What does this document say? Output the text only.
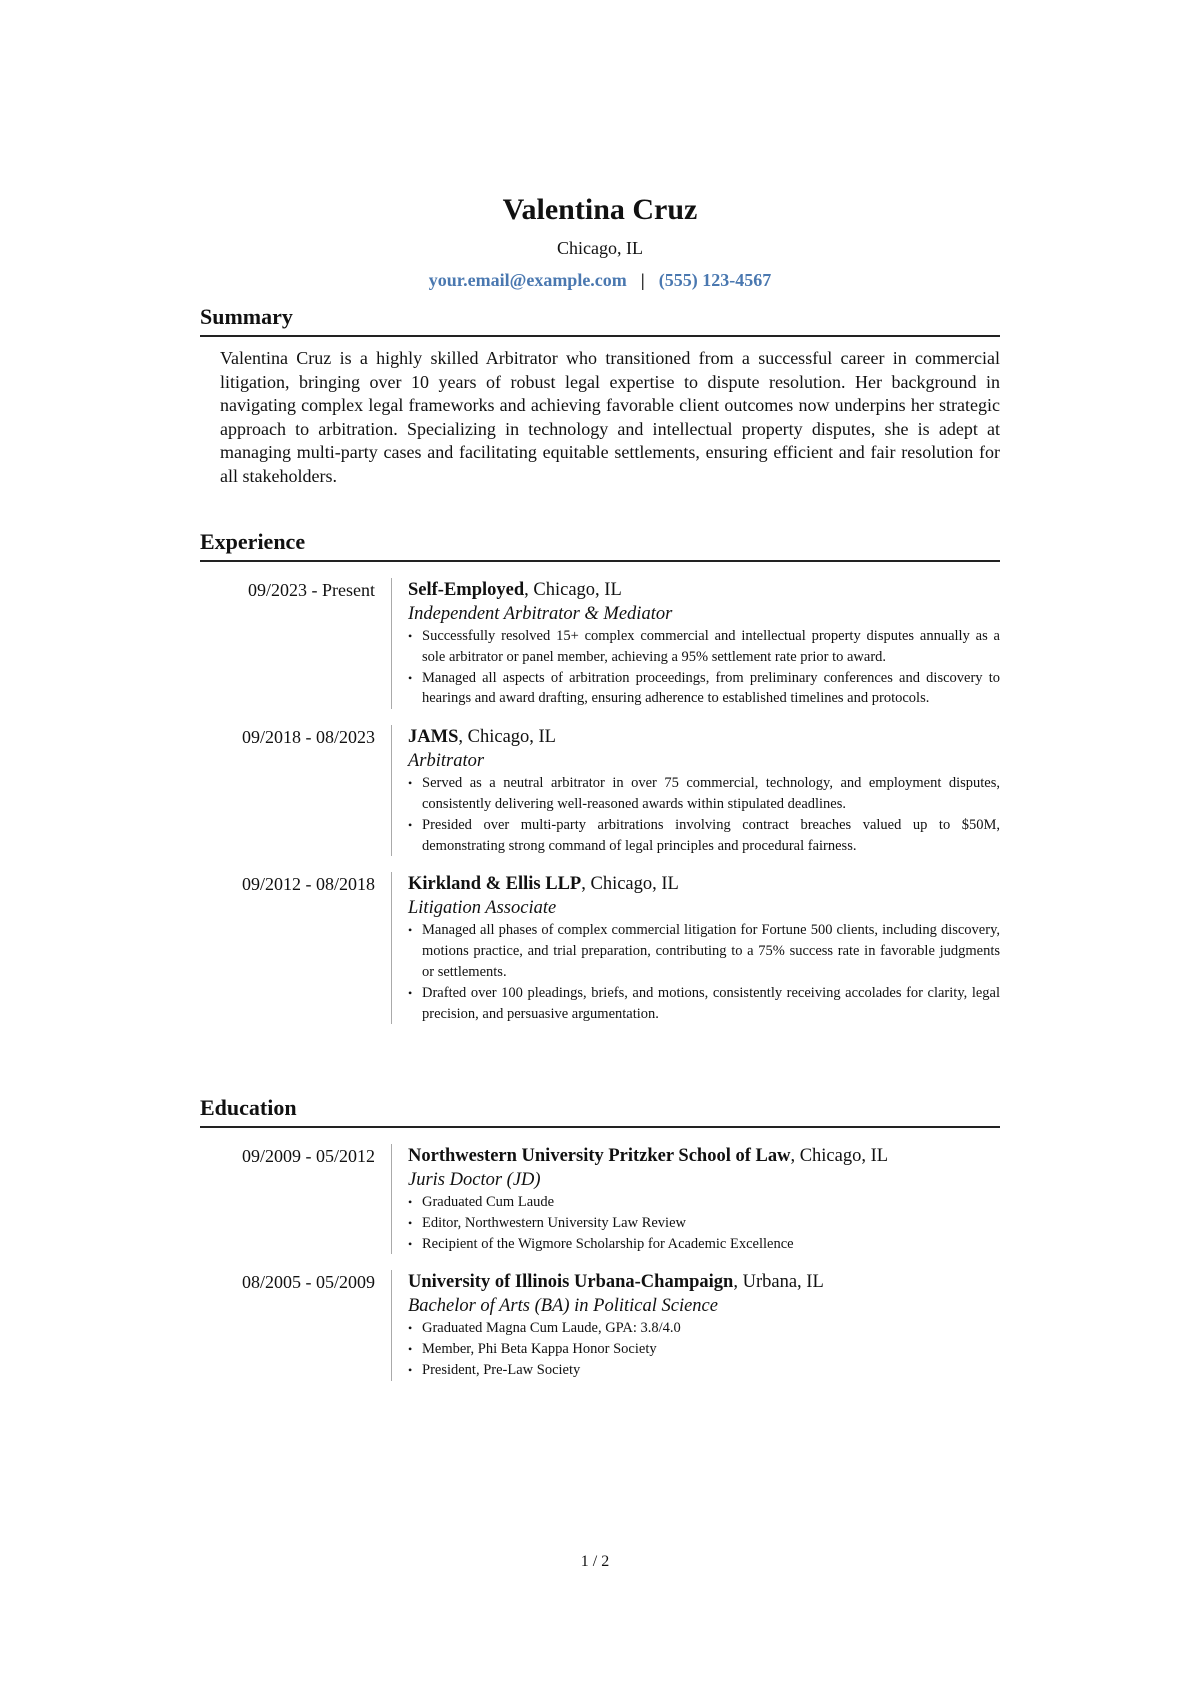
Valentina Cruz
Chicago, IL
your.email@example.com | (555) 123-4567
Summary

Valentina Cruz is a highly skilled Arbitrator who transitioned from a successful career in commercial litigation, bringing over 10 years of robust legal expertise to dispute resolution. Her background in navigating complex legal frameworks and achieving favorable client outcomes now underpins her strategic approach to arbitration. Specializing in technology and intellectual property disputes, she is adept at managing multi-party cases and facilitating equitable settlements, ensuring efficient and fair resolution for all stakeholders.

Experience
09/2023 - Present Self-Employed, Chicago, IL
Independent Arbitrator & Mediator
• Successfully resolved 15+ complex commercial and intellectual property disputes annually as a sole arbitrator or panel member, achieving a 95% settlement rate prior to award.
• Managed all aspects of arbitration proceedings, from preliminary conferences and discovery to hearings and award drafting, ensuring adherence to established timelines and protocols.
09/2018 - 08/2023 JAMS, Chicago, IL
Arbitrator
• Served as a neutral arbitrator in over 75 commercial, technology, and employment disputes, consistently delivering well-reasoned awards within stipulated deadlines.
• Presided over multi-party arbitrations involving contract breaches valued up to $50M, demonstrating strong command of legal principles and procedural fairness.
09/2012 - 08/2018 Kirkland & Ellis LLP, Chicago, IL
Litigation Associate
• Managed all phases of complex commercial litigation for Fortune 500 clients, including discovery, motions practice, and trial preparation, contributing to a 75% success rate in favorable judgments or settlements.
• Drafted over 100 pleadings, briefs, and motions, consistently receiving accolades for clarity, legal precision, and persuasive argumentation.
Education
09/2009 - 05/2012 Northwestern University Pritzker School of Law, Chicago, IL
Juris Doctor (JD)
• Graduated Cum Laude
• Editor, Northwestern University Law Review
• Recipient of the Wigmore Scholarship for Academic Excellence
08/2005 - 05/2009 University of Illinois Urbana-Champaign, Urbana, IL
Bachelor of Arts (BA) in Political Science
• Graduated Magna Cum Laude, GPA: 3.8/4.0
• Member, Phi Beta Kappa Honor Society
• President, Pre-Law Society
1 / 2
